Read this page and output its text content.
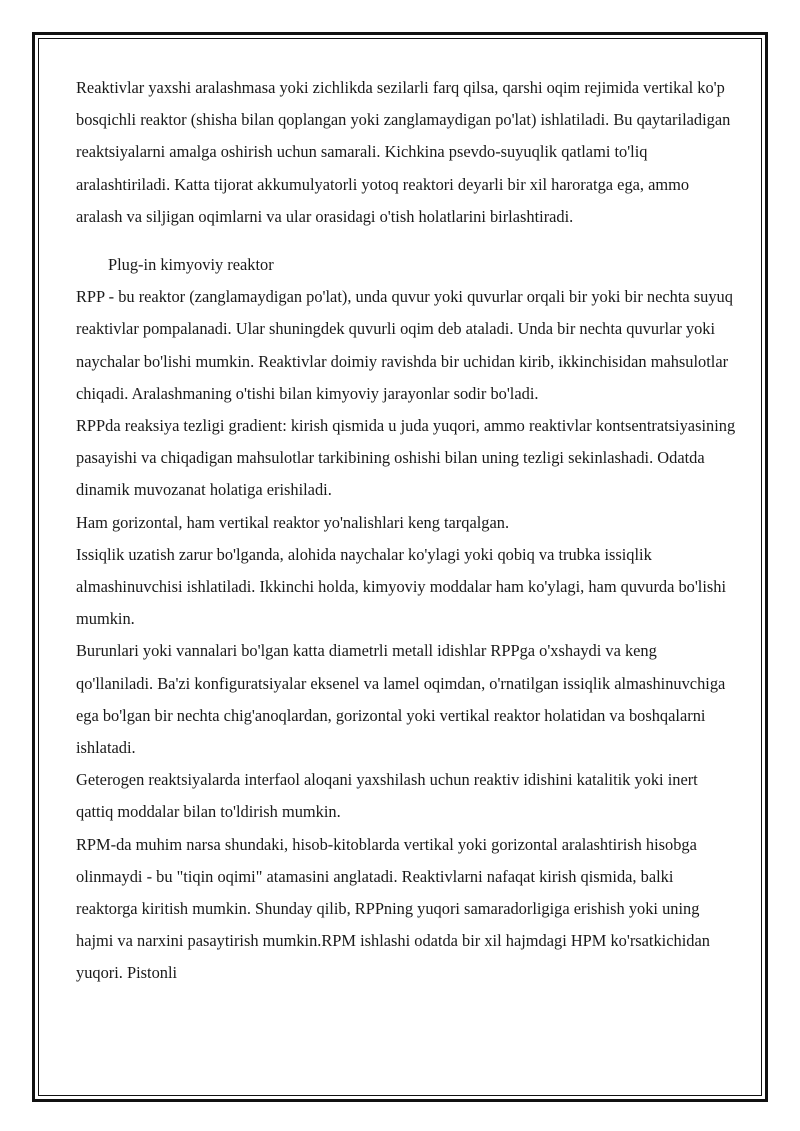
Reaktivlar yaxshi aralashmasa yoki zichlikda sezilarli farq qilsa, qarshi oqim rejimida vertikal ko'p bosqichli reaktor (shisha bilan qoplangan yoki zanglamaydigan po'lat) ishlatiladi. Bu qaytariladigan reaktsiyalarni amalga oshirish uchun samarali. Kichkina psevdo-suyuqlik qatlami to'liq aralashtiriladi. Katta tijorat akkumulyatorli yotoq reaktori deyarli bir xil haroratga ega, ammo aralash va siljigan oqimlarni va ular orasidagi o'tish holatlarini birlashtiradi.

Plug-in kimyoviy reaktor

RPP - bu reaktor (zanglamaydigan po'lat), unda quvur yoki quvurlar orqali bir yoki bir nechta suyuq reaktivlar pompalanadi. Ular shuningdek quvurli oqim deb ataladi. Unda bir nechta quvurlar yoki naychalar bo'lishi mumkin. Reaktivlar doimiy ravishda bir uchidan kirib, ikkinchisidan mahsulotlar chiqadi. Aralashmaning o'tishi bilan kimyoviy jarayonlar sodir bo'ladi.

RPPda reaksiya tezligi gradient: kirish qismida u juda yuqori, ammo reaktivlar kontsentratsiyasining pasayishi va chiqadigan mahsulotlar tarkibining oshishi bilan uning tezligi sekinlashadi. Odatda dinamik muvozanat holatiga erishiladi.

Ham gorizontal, ham vertikal reaktor yo'nalishlari keng tarqalgan.

Issiqlik uzatish zarur bo'lganda, alohida naychalar ko'ylagi yoki qobiq va trubka issiqlik almashinuvchisi ishlatiladi. Ikkinchi holda, kimyoviy moddalar ham ko'ylagi, ham quvurda bo'lishi mumkin.

Burunlari yoki vannalari bo'lgan katta diametrli metall idishlar RPPga o'xshaydi va keng qo'llaniladi. Ba'zi konfiguratsiyalar eksenel va lamel oqimdan, o'rnatilgan issiqlik almashinuvchiga ega bo'lgan bir nechta chig'anoqlardan, gorizontal yoki vertikal reaktor holatidan va boshqalarni ishlatadi.

Geterogen reaktsiyalarda interfaol aloqani yaxshilash uchun reaktiv idishini katalitik yoki inert qattiq moddalar bilan to'ldirish mumkin.

RPM-da muhim narsa shundaki, hisob-kitoblarda vertikal yoki gorizontal aralashtirish hisobga olinmaydi - bu "tiqin oqimi" atamasini anglatadi. Reaktivlarni nafaqat kirish qismida, balki reaktorga kiritish mumkin. Shunday qilib, RPPning yuqori samaradorligiga erishish yoki uning hajmi va narxini pasaytirish mumkin.RPM ishlashi odatda bir xil hajmdagi HPM ko'rsatkichidan yuqori. Pistonli
